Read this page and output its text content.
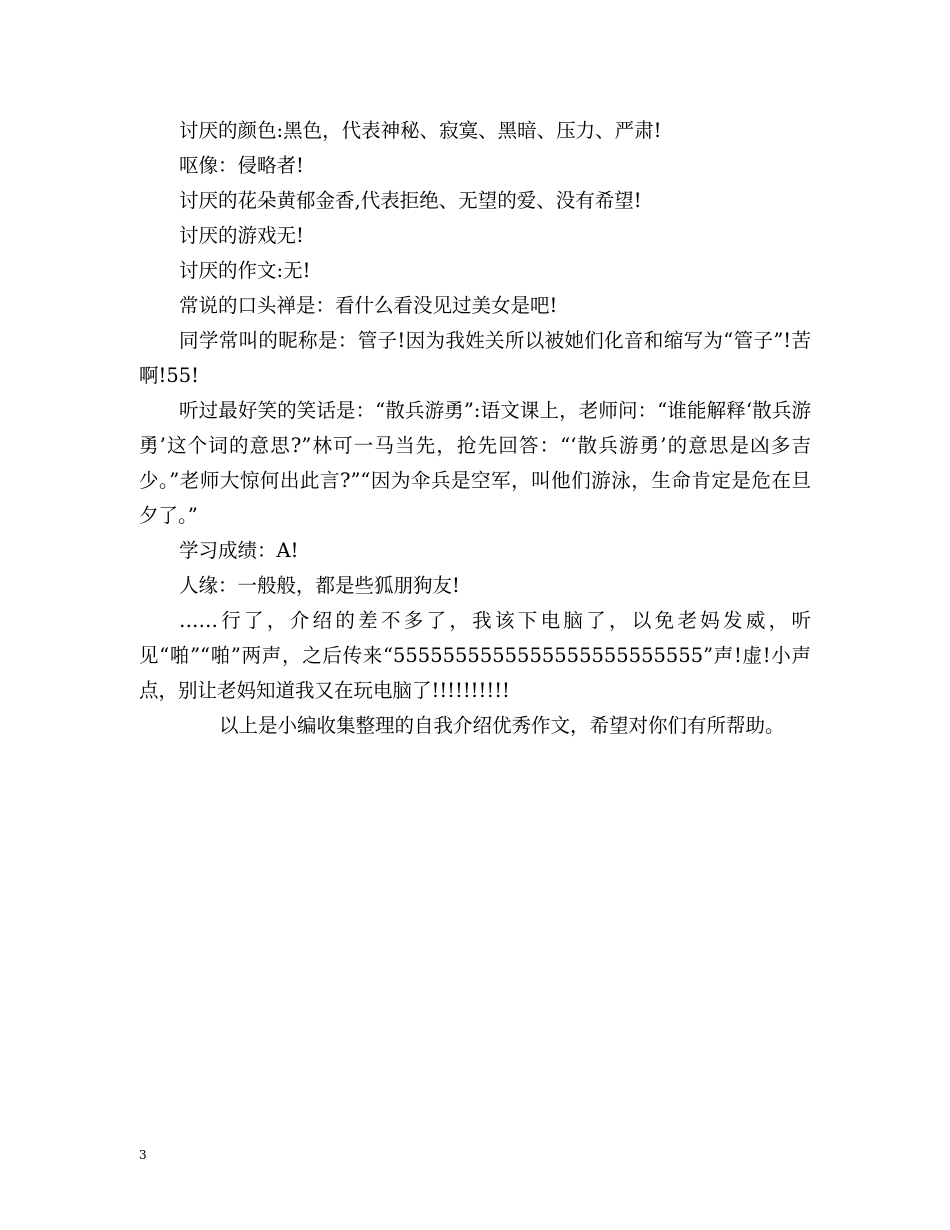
讨厌的颜色:黑色，代表神秘、寂寞、黑暗、压力、严肃!

呕像：侵略者!

讨厌的花朵黄郁金香,代表拒绝、无望的爱、没有希望!

讨厌的游戏无!

讨厌的作文:无!

常说的口头禅是：看什么看没见过美女是吧!

同学常叫的昵称是：管子!因为我姓关所以被她们化音和缩写为“管子”!苦啊!55!

听过最好笑的笑话是：“散兵游勇”:语文课上，老师问：“谁能解释‘散兵游勇’这个词的意思?”林可一马当先，抢先回答：“‘散兵游勇’的意思是凶多吉少。”老师大惊何出此言?”“因为伞兵是空军，叫他们游泳，生命肯定是危在旦夕了。”

学习成绩：A!

人缘：一般般，都是些狐朋狗友!

……行了，介绍的差不多了，我该下电脑了，以免老妈发威，听见“啪”“啪”两声，之后传来“5555555555555555555555555”声!虚!小声点，别让老妈知道我又在玩电脑了!!!!!!!!!!

以上是小编收集整理的自我介绍优秀作文，希望对你们有所帮助。

3
